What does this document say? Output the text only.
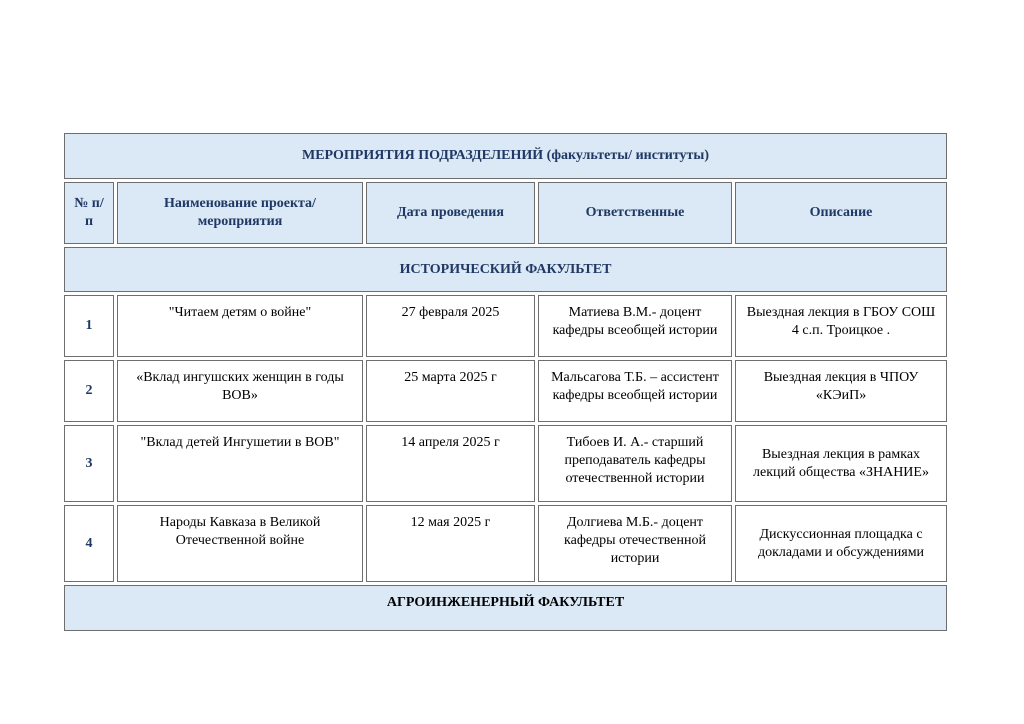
МЕРОПРИЯТИЯ ПОДРАЗДЕЛЕНИЙ (факультеты/ институты)				
№ п/п	Наименование проекта/мероприятия	Дата проведения	Ответственные	Описание
ИСТОРИЧЕСКИЙ ФАКУЛЬТЕТ				
1	"Читаем детям о войне"	27 февраля 2025	Матиева В.М.- доцент кафедры всеобщей истории	Выездная лекция в ГБОУ СОШ 4 с.п. Троицкое .
2	«Вклад ингушских женщин в годы ВОВ»	25 марта 2025 г	Мальсагова Т.Б. – ассистент кафедры всеобщей истории	Выездная лекция в ЧПОУ «КЭиП»
3	"Вклад детей Ингушетии в ВОВ"	14 апреля 2025 г	Тибоев И. А.- старший преподаватель кафедры отечественной истории	Выездная лекция в рамках лекций общества «ЗНАНИЕ»
4	Народы Кавказа в Великой Отечественной войне	12 мая 2025 г	Долгиева М.Б.- доцент кафедры отечественной истории	Дискуссионная площадка с докладами и обсуждениями
АГРОИНЖЕНЕРНЫЙ ФАКУЛЬТЕТ				
